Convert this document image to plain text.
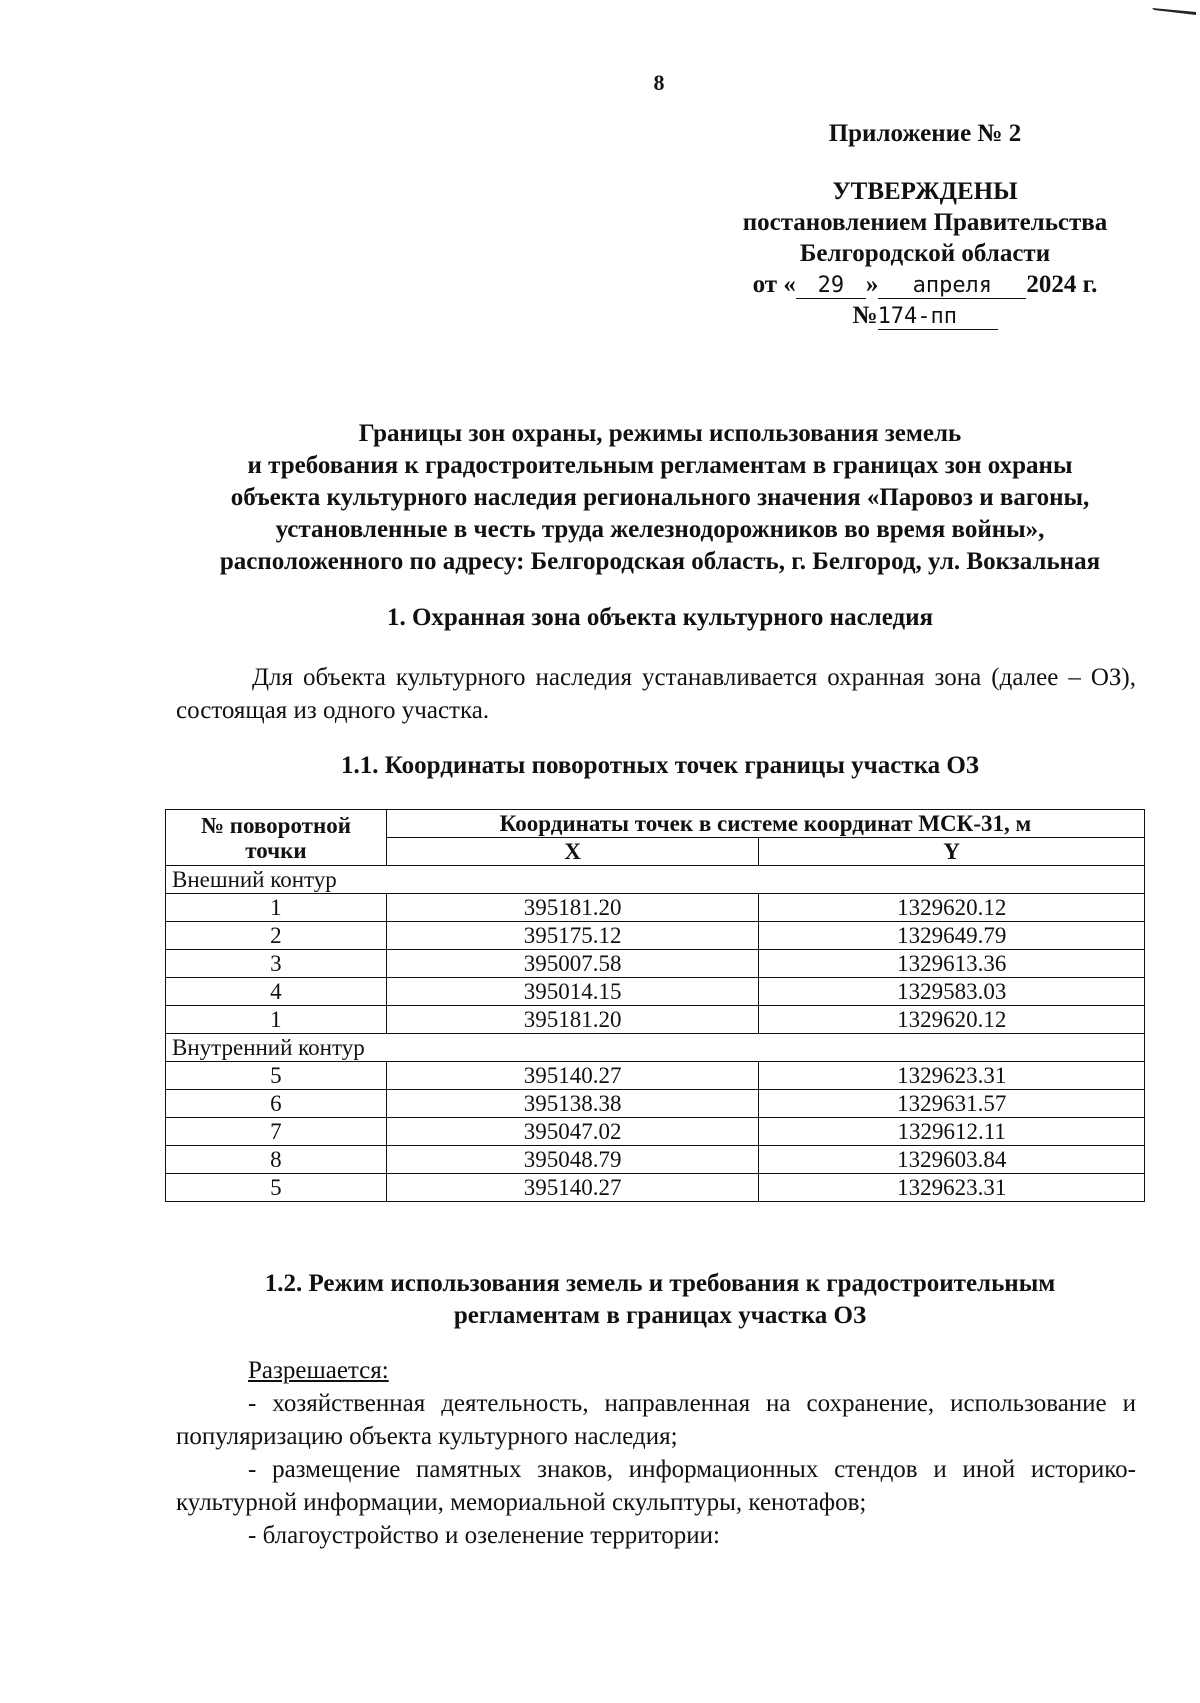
8
Приложение № 2
УТВЕРЖДЕНЫ
постановлением Правительства
Белгородской области
от « 29 » апреля 2024 г.
№174-пп
Границы зон охраны, режимы использования земель
и требования к градостроительным регламентам в границах зон охраны
объекта культурного наследия регионального значения «Паровоз и вагоны,
установленные в честь труда железнодорожников во время войны»,
расположенного по адресу: Белгородская область, г. Белгород, ул. Вокзальная
1. Охранная зона объекта культурного наследия
Для объекта культурного наследия устанавливается охранная зона (далее – ОЗ), состоящая из одного участка.
1.1. Координаты поворотных точек границы участка ОЗ
№ поворотной
точки	Координаты точек в системе координат МСК-31, м	
	X	Y
Внешний контур		
1	395181.20	1329620.12
2	395175.12	1329649.79
3	395007.58	1329613.36
4	395014.15	1329583.03
1	395181.20	1329620.12
Внутренний контур		
5	395140.27	1329623.31
6	395138.38	1329631.57
7	395047.02	1329612.11
8	395048.79	1329603.84
5	395140.27	1329623.31
1.2. Режим использования земель и требования к градостроительным
регламентам в границах участка ОЗ
Разрешается:
- хозяйственная деятельность, направленная на сохранение, использование и популяризацию объекта культурного наследия;
- размещение памятных знаков, информационных стендов и иной историко-культурной информации, мемориальной скульптуры, кенотафов;
- благоустройство и озеленение территории:
